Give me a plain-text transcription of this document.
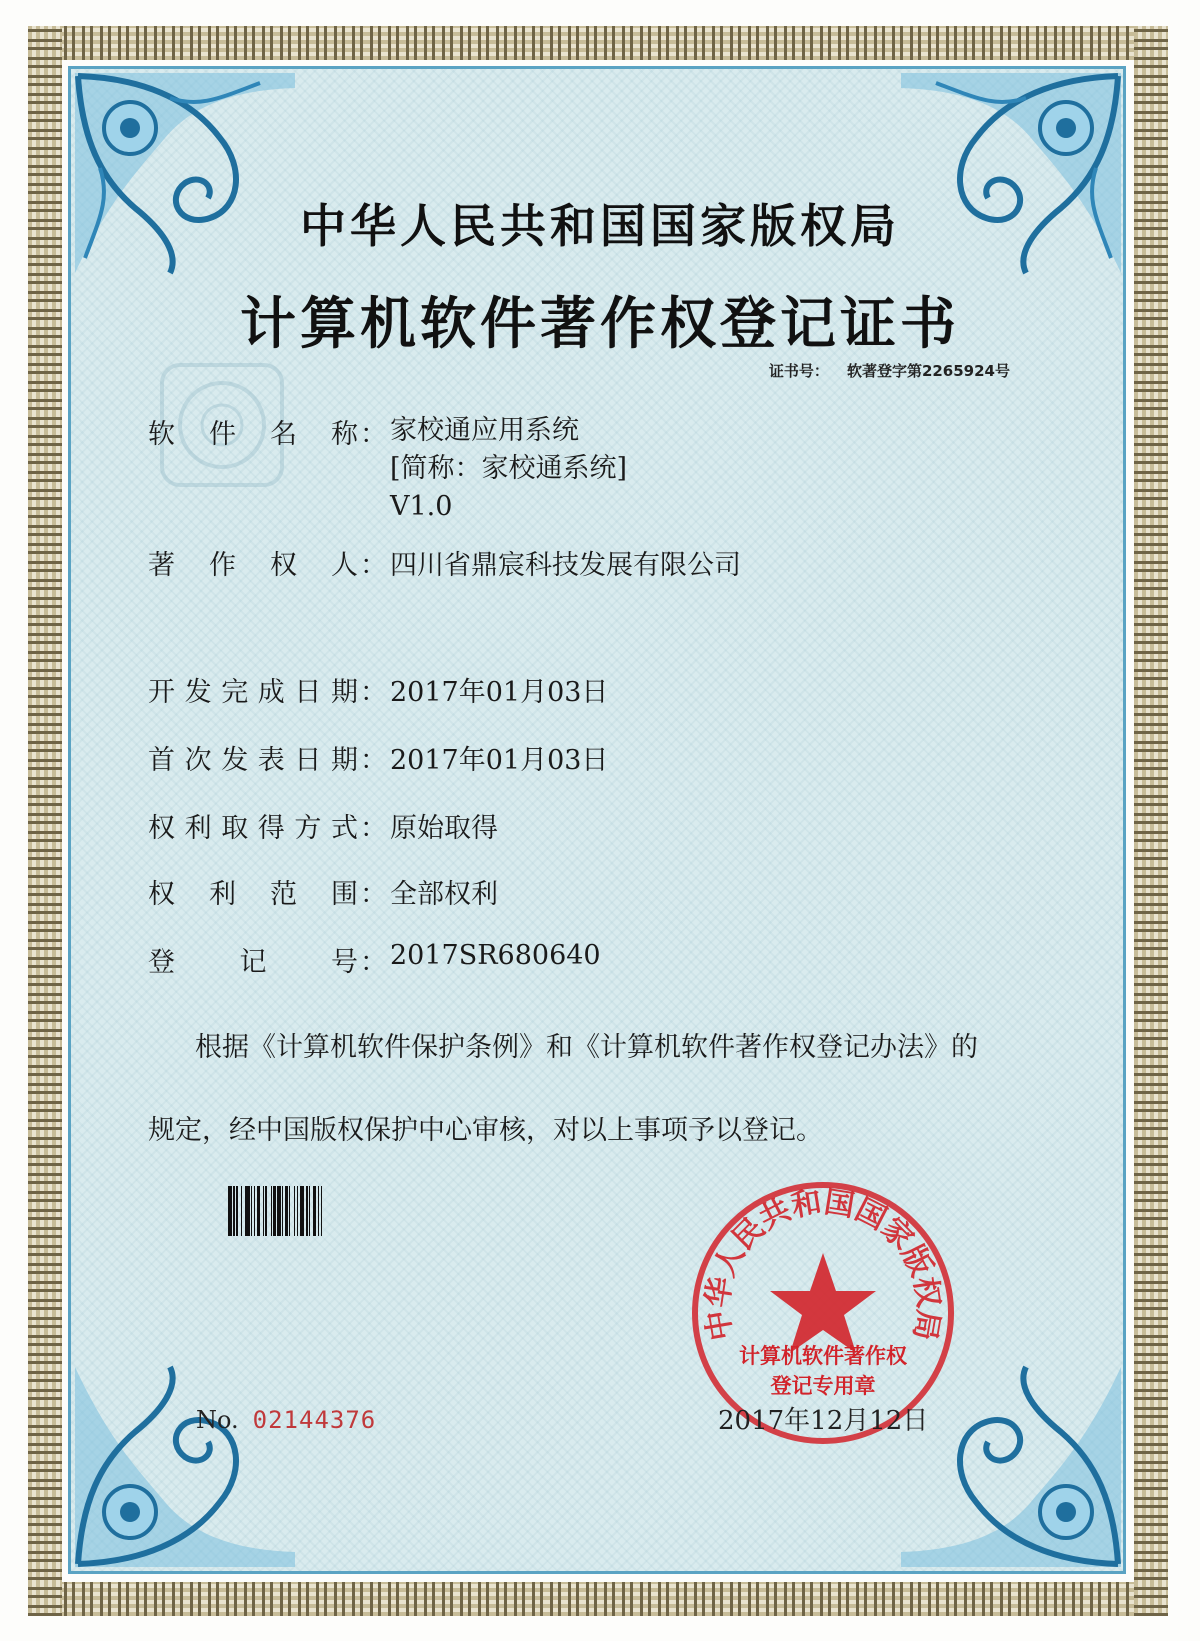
中华人民共和国国家版权局
计算机软件著作权登记证书
证书号： 软著登字第2265924号
软件名称 ： 家校通应用系统
[简称：家校通系统]
V1.0
著作权人 ： 四川省鼎宸科技发展有限公司
开发完成日期 ： 2017年01月03日
首次发表日期 ： 2017年01月03日
权利取得方式 ： 原始取得
权利范围 ： 全部权利
登记号 ： 2017SR680640
根据《计算机软件保护条例》和《计算机软件著作权登记办法》的
规定，经中国版权保护中心审核，对以上事项予以登记。
No. 02144376
中华人民共和国国家版权局
计算机软件著作权
登记专用章
2017年12月12日
